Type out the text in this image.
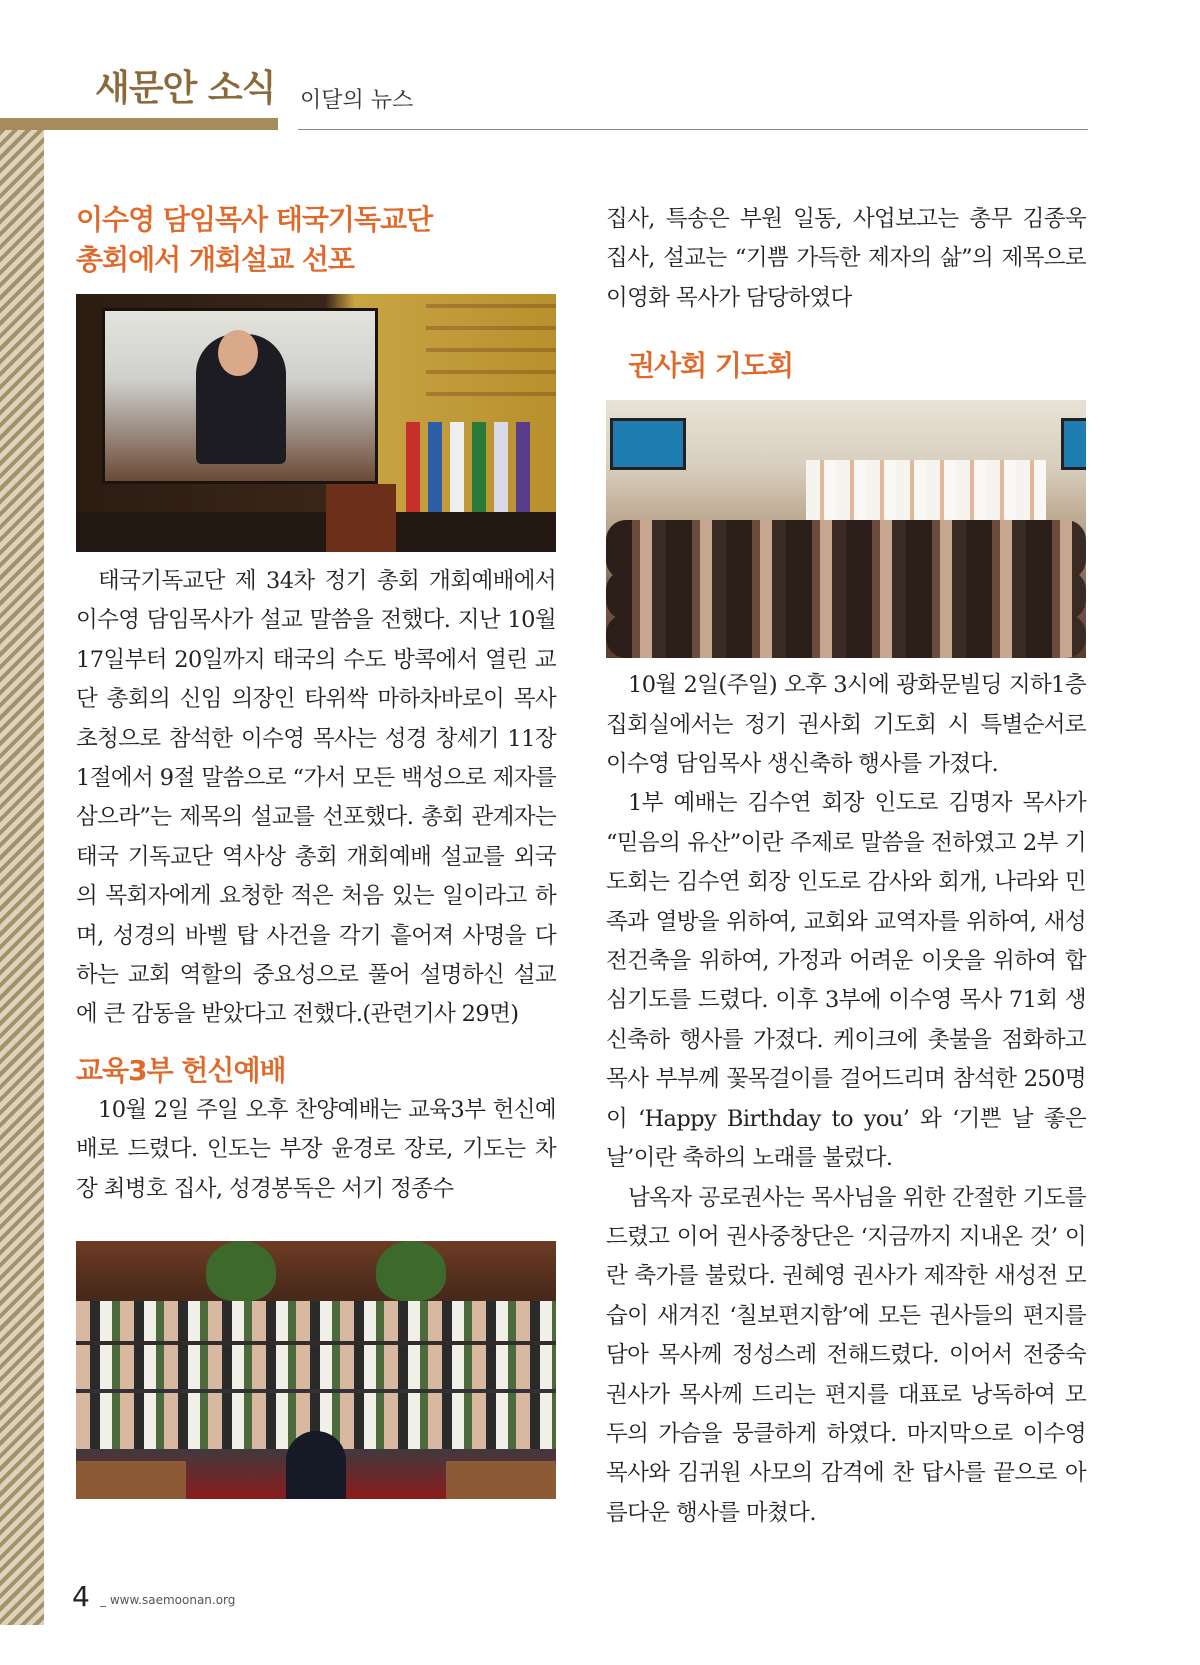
새문안 소식 이달의 뉴스
이수영 담임목사 태국기독교단
총회에서 개회설교 선포

태국기독교단 제 34차 정기 총회 개회예배에서 이수영 담임목사가 설교 말씀을 전했다. 지난 10월 17일부터 20일까지 태국의 수도 방콕에서 열린 교단 총회의 신임 의장인 타위싹 마하차바로이 목사 초청으로 참석한 이수영 목사는 성경 창세기 11장 1절에서 9절 말씀으로 “가서 모든 백성으로 제자를 삼으라”는 제목의 설교를 선포했다. 총회 관계자는 태국 기독교단 역사상 총회 개회예배 설교를 외국의 목회자에게 요청한 적은 처음 있는 일이라고 하며, 성경의 바벨 탑 사건을 각기 흩어져 사명을 다하는 교회 역할의 중요성으로 풀어 설명하신 설교에 큰 감동을 받았다고 전했다.(관련기사 29면)

교육3부 헌신예배

10월 2일 주일 오후 찬양예배는 교육3부 헌신예배로 드렸다. 인도는 부장 윤경로 장로, 기도는 차장 최병호 집사, 성경봉독은 서기 정종수

집사, 특송은 부원 일동, 사업보고는 총무 김종욱 집사, 설교는 “기쁨 가득한 제자의 삶”의 제목으로 이영화 목사가 담당하였다

권사회 기도회

10월 2일(주일) 오후 3시에 광화문빌딩 지하1층 집회실에서는 정기 권사회 기도회 시 특별순서로 이수영 담임목사 생신축하 행사를 가졌다.

1부 예배는 김수연 회장 인도로 김명자 목사가 “믿음의 유산”이란 주제로 말씀을 전하였고 2부 기도회는 김수연 회장 인도로 감사와 회개, 나라와 민족과 열방을 위하여, 교회와 교역자를 위하여, 새성전건축을 위하여, 가정과 어려운 이웃을 위하여 합심기도를 드렸다. 이후 3부에 이수영 목사 71회 생신축하 행사를 가졌다. 케이크에 촛불을 점화하고 목사 부부께 꽃목걸이를 걸어드리며 참석한 250명이 ‘Happy Birthday to you’ 와 ‘기쁜 날 좋은 날’이란 축하의 노래를 불렀다.

남옥자 공로권사는 목사님을 위한 간절한 기도를 드렸고 이어 권사중창단은 ‘지금까지 지내온 것’ 이란 축가를 불렀다. 권혜영 권사가 제작한 새성전 모습이 새겨진 ‘칠보편지함’에 모든 권사들의 편지를 담아 목사께 정성스레 전해드렸다. 이어서 전중숙 권사가 목사께 드리는 편지를 대표로 낭독하여 모두의 가슴을 뭉클하게 하였다. 마지막으로 이수영 목사와 김귀원 사모의 감격에 찬 답사를 끝으로 아름다운 행사를 마쳤다.

4 _ www.saemoonan.org
